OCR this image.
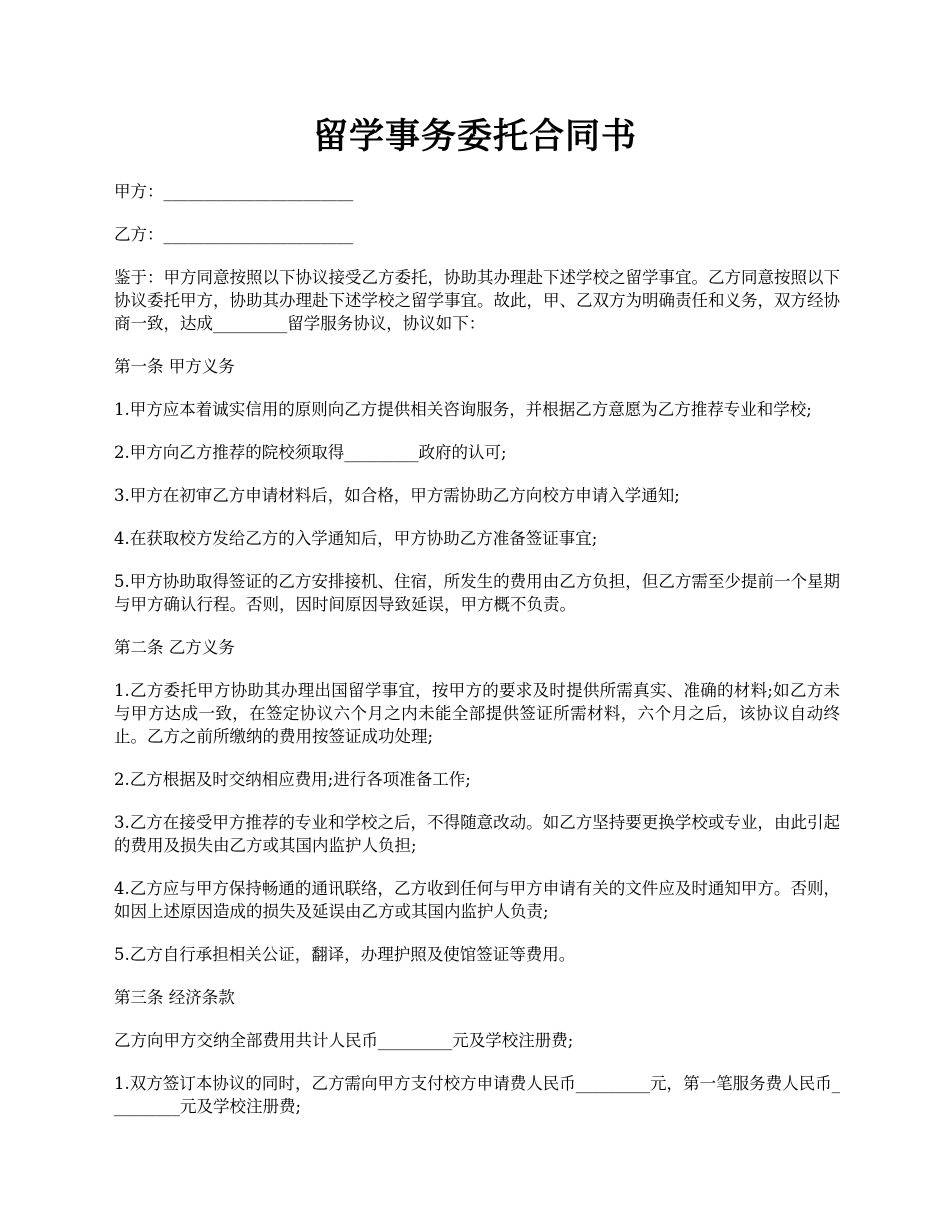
留学事务委托合同书

甲方：_______________________

乙方：_______________________

鉴于：甲方同意按照以下协议接受乙方委托，协助其办理赴下述学校之留学事宜。乙方同意按照以下协议委托甲方，协助其办理赴下述学校之留学事宜。故此，甲、乙双方为明确责任和义务，双方经协商一致，达成_________留学服务协议，协议如下：

第一条 甲方义务

1.甲方应本着诚实信用的原则向乙方提供相关咨询服务，并根据乙方意愿为乙方推荐专业和学校;

2.甲方向乙方推荐的院校须取得_________政府的认可;

3.甲方在初审乙方申请材料后，如合格，甲方需协助乙方向校方申请入学通知;

4.在获取校方发给乙方的入学通知后，甲方协助乙方准备签证事宜;

5.甲方协助取得签证的乙方安排接机、住宿，所发生的费用由乙方负担，但乙方需至少提前一个星期与甲方确认行程。否则，因时间原因导致延误，甲方概不负责。

第二条 乙方义务

1.乙方委托甲方协助其办理出国留学事宜，按甲方的要求及时提供所需真实、准确的材料;如乙方未与甲方达成一致，在签定协议六个月之内未能全部提供签证所需材料，六个月之后，该协议自动终止。乙方之前所缴纳的费用按签证成功处理;

2.乙方根据及时交纳相应费用;进行各项准备工作;

3.乙方在接受甲方推荐的专业和学校之后，不得随意改动。如乙方坚持要更换学校或专业，由此引起的费用及损失由乙方或其国内监护人负担;

4.乙方应与甲方保持畅通的通讯联络，乙方收到任何与甲方申请有关的文件应及时通知甲方。否则，如因上述原因造成的损失及延误由乙方或其国内监护人负责;

5.乙方自行承担相关公证，翻译，办理护照及使馆签证等费用。

第三条 经济条款

乙方向甲方交纳全部费用共计人民币_________元及学校注册费;

1.双方签订本协议的同时，乙方需向甲方支付校方申请费人民币_________元，第一笔服务费人民币_________元及学校注册费;
